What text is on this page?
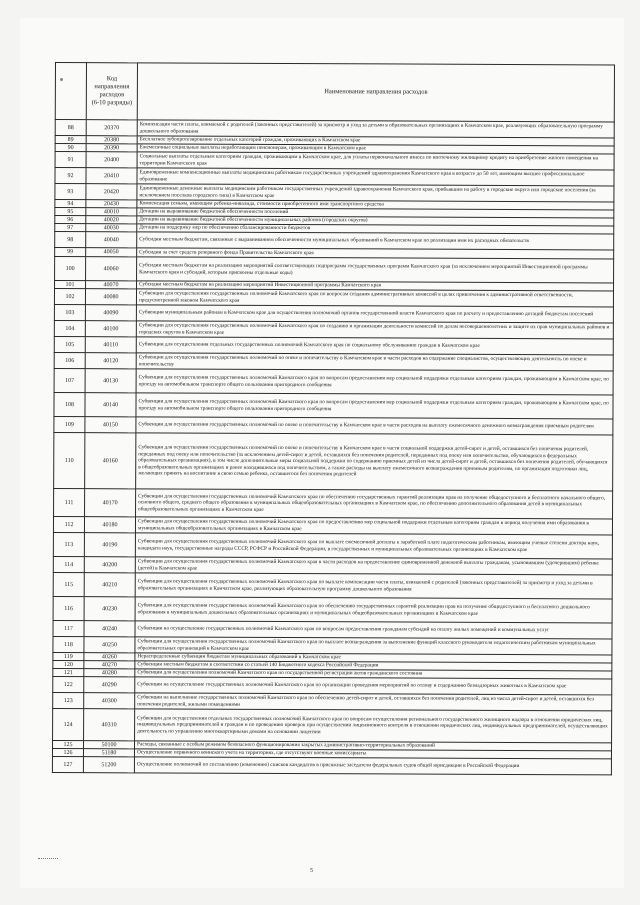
	Код
направления
расходов
(6-10 разряды)	Наименование направления расходов
88	20370	Компенсация части платы, взимаемой с родителей (законных представителей) за присмотр и уход за детьми в образовательных организациях в Камчатском крае, реализующих образовательную программу дошкольного образования
89	20380	Бесплатное зубопротезирование отдельных категорий граждан, проживающих в Камчатском крае
90	20390	Ежемесячные социальные выплаты неработающим пенсионерам, проживающим в Камчатском крае
91	20400	Социальные выплаты отдельным категориям граждан, проживающим в Камчатском крае, для уплаты первоначального взноса по ипотечному жилищному кредиту на приобретение жилого помещения на территории Камчатского края
92	20410	Единовременные компенсационные выплаты медицинским работникам государственных учреждений здравоохранения Камчатского края в возрасте до 50 лет, имеющим высшее профессиональное образование
93	20420	Единовременные денежные выплаты медицинским работникам государственных учреждений здравоохранения Камчатского края, прибывшим на работу в городские округа или городские поселения (за исключением поселков городского типа) в Камчатском крае
94	20430	Компенсация семьям, имеющим ребенка-инвалида, стоимости приобретенного ими транспортного средства
95	40010	Дотации на выравнивание бюджетной обеспеченности поселений
96	40020	Дотации на выравнивание бюджетной обеспеченности муниципальных районов (городских округов)
97	40030	Дотации на поддержку мер по обеспечению сбалансированности бюджетов
98	40040	Субсидии местным бюджетам, связанные с выравниванием обеспеченности муниципальных образований в Камчатском крае по реализации ими их расходных обязательств
99	40050	Субсидии за счет средств резервного фонда Правительства Камчатского края
100	40060	Субсидии местным бюджетам на реализацию мероприятий соответствующих подпрограмм государственных программ Камчатского края (за исключением мероприятий Инвестиционной программы Камчатского края и субсидий, которым присвоены отдельные коды)
101	40070	Субсидии местным бюджетам на реализацию мероприятий Инвестиционной программы Камчатского края
102	40080	Субвенции для осуществления государственных полномочий Камчатского края по вопросам создания административных комиссий в целях привлечения к административной ответственности, предусмотренной законом Камчатского края
103	40090	Субвенции муниципальным районам в Камчатском крае для осуществления полномочий органов государственной власти Камчатского края по расчету и предоставлению дотаций бюджетам поселений
104	40100	Субвенции для осуществления государственных полномочий Камчатского края по созданию и организации деятельности комиссий по делам несовершеннолетних и защите их прав муниципальных районов и городских округов в Камчатском крае
105	40110	Субвенции для осуществления отдельных государственных полномочий Камчатского края по социальному обслуживанию граждан в Камчатском крае
106	40120	Субвенции для осуществления государственных полномочий по опеке и попечительству в Камчатском крае в части расходов на содержание специалистов, осуществляющих деятельность по опеке и попечительству
107	40130	Субвенции для осуществления государственных полномочий Камчатского края по вопросам предоставления мер социальной поддержки отдельным категориям граждан, проживающим в Камчатском крае, по проезду на автомобильном транспорте общего пользования пригородного сообщения
108	40140	Субвенции для осуществления государственных полномочий Камчатского края по вопросам предоставления мер социальной поддержки отдельным категориям граждан, проживающим в Камчатском крае, по проезду на автомобильном транспорте общего пользования пригородного сообщения
109	40150	Субвенции для осуществления государственных полномочий по опеке и попечительству в Камчатском крае в части расходов на выплату ежемесячного денежного вознаграждения приемным родителям
110	40160	Субвенции для осуществления государственных полномочий по опеке и попечительству в Камчатском крае в части социальной поддержки детей-сирот и детей, оставшихся без попечения родителей, переданных под опеку или попечительство (за исключением детей-сирот и детей, оставшихся без попечения родителей, переданных под опеку или попечительство, обучающихся в федеральных образовательных организациях), в том числе дополнительные меры социальной поддержки по содержанию приемных детей из числа детей-сирот и детей, оставшихся без попечения родителей, обучающихся в общеобразовательных организациях и ранее находившихся под попечительством, а также расходы на выплату ежемесячного вознаграждения приемным родителям, по организации подготовки лиц, желающих принять на воспитание в свою семью ребенка, оставшегося без попечения родителей
111	40170	Субвенции для осуществления государственных полномочий Камчатского края по обеспечению государственных гарантий реализации прав на получение общедоступного и бесплатного начального общего, основного общего, среднего общего образования в муниципальных общеобразовательных организациях в Камчатском крае, по обеспечению дополнительного образования детей в муниципальных общеобразовательных организациях в Камчатском крае
112	40180	Субвенции для осуществления государственных полномочий Камчатского края по предоставлению мер социальной поддержки отдельным категориям граждан в период получения ими образования в муниципальных общеобразовательных организациях в Камчатском крае
113	40190	Субвенции для осуществления государственных полномочий Камчатского края по выплате ежемесячной доплаты к заработной плате педагогическим работникам, имеющим ученые степени доктора наук, кандидата наук, государственные награды СССР, РСФСР и Российской Федерации, в государственных и муниципальных образовательных организациях в Камчатском крае
114	40200	Субвенции для осуществления государственных полномочий Камчатского края в части расходов на предоставление единовременной денежной выплаты гражданам, усыновившим (удочерившим) ребенка (детей) в Камчатском крае
115	40210	Субвенции для осуществления государственных полномочий Камчатского края по выплате компенсации части платы, взимаемой с родителей (законных представителей) за присмотр и уход за детьми в образовательных организациях в Камчатском крае, реализующих образовательную программу дошкольного образования
116	40230	Субвенции для осуществления государственных полномочий Камчатского края по обеспечению государственных гарантий реализации прав на получение общедоступного и бесплатного дошкольного образования в муниципальных дошкольных образовательных организациях и муниципальных общеобразовательных организациях в Камчатском крае
117	40240	Субвенции на осуществление государственных полномочий Камчатского края по вопросам предоставления гражданам субсидий на оплату жилых помещений и коммунальных услуг
118	40250	Субвенции для осуществления государственных полномочий Камчатского края по выплате вознаграждения за выполнение функций классного руководителя педагогическим работникам муниципальных образовательных организаций в Камчатском крае
119	40260	Нераспределенные субвенции бюджетам муниципальных образований в Камчатском крае
120	40270	Субвенции местным бюджетам в соответствии со статьей 140 Бюджетного кодекса Российской Федерации
121	40280	Субвенции для осуществления полномочий Камчатского края по государственной регистрации актов гражданского состояния
122	40290	Субвенции на осуществление государственных полномочий Камчатского края по организации проведения мероприятий по отлову и содержанию безнадзорных животных в Камчатском крае
123	40300	Субвенции на выполнение государственных полномочий Камчатского края по обеспечению детей-сирот и детей, оставшихся без попечения родителей, лиц из числа детей-сирот и детей, оставшихся без попечения родителей, жилыми помещениями
124	40310	Субвенции для осуществления отдельных государственных полномочий Камчатского края по вопросам осуществления регионального государственного жилищного надзора в отношении юридических лиц, индивидуальных предпринимателей и граждан и по проведению проверок при осуществлении лицензионного контроля в отношении юридических лиц, индивидуальных предпринимателей, осуществляющих деятельность по управлению многоквартирными домами на основании лицензии
125	50100	Расходы, связанные с особым режимом безопасного функционирования закрытых административно-территориальных образований
126	51180	Осуществление первичного воинского учета на территориях, где отсутствуют военные комиссариаты
127	51200	Осуществление полномочий по составлению (изменению) списков кандидатов в присяжные заседатели федеральных судов общей юрисдикции в Российской Федерации
5
